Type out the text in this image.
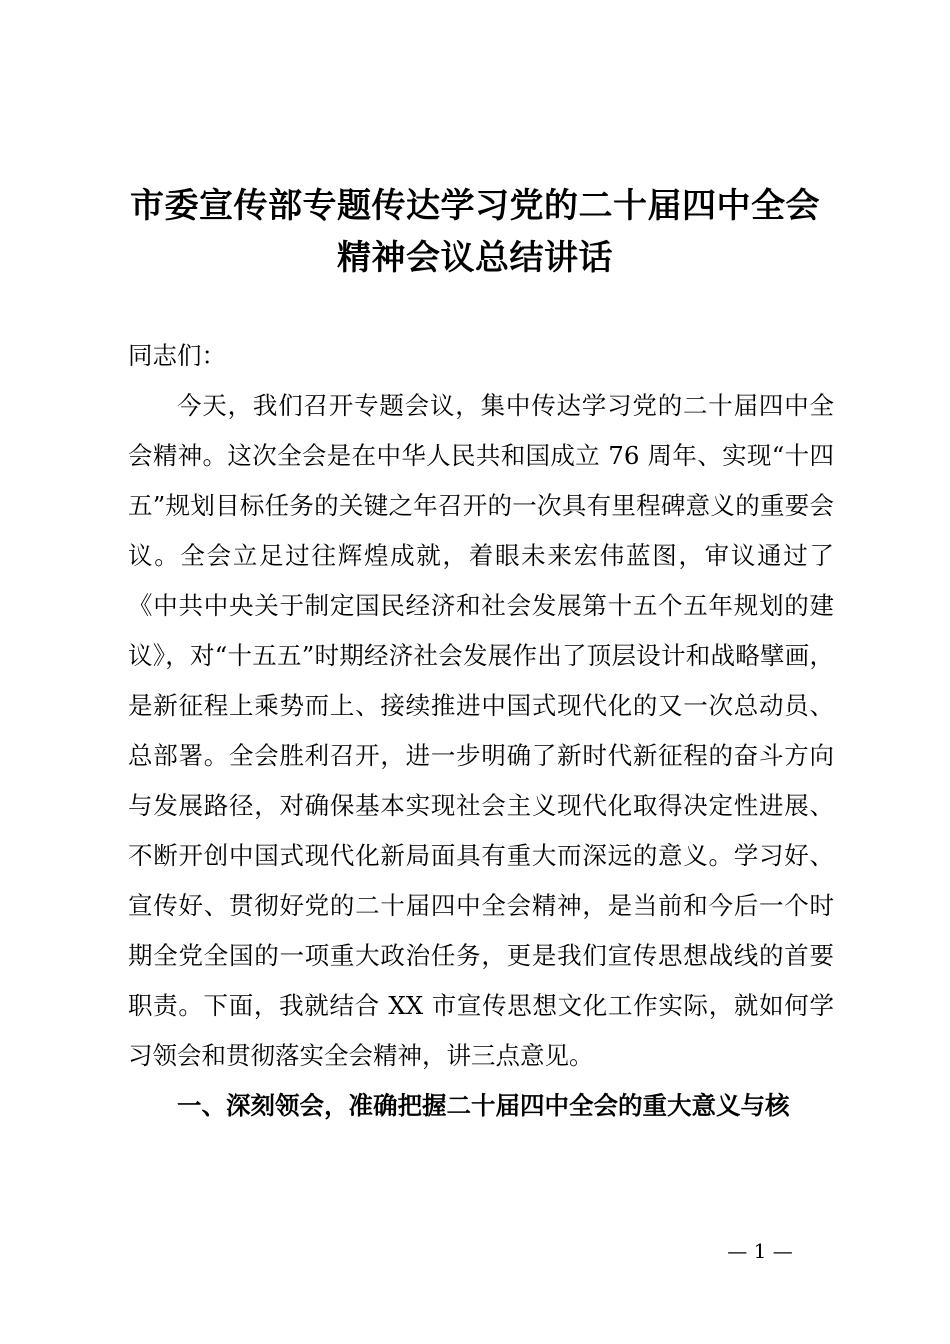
市委宣传部专题传达学习党的二十届四中全会
精神会议总结讲话

同志们：

今天，我们召开专题会议，集中传达学习党的二十届四中全会精神。这次全会是在中华人民共和国成立 76 周年、实现“十四五”规划目标任务的关键之年召开的一次具有里程碑意义的重要会议。全会立足过往辉煌成就，着眼未来宏伟蓝图，审议通过了《中共中央关于制定国民经济和社会发展第十五个五年规划的建议》，对“十五五”时期经济社会发展作出了顶层设计和战略擘画，是新征程上乘势而上、接续推进中国式现代化的又一次总动员、总部署。全会胜利召开，进一步明确了新时代新征程的奋斗方向与发展路径，对确保基本实现社会主义现代化取得决定性进展、不断开创中国式现代化新局面具有重大而深远的意义。学习好、宣传好、贯彻好党的二十届四中全会精神，是当前和今后一个时期全党全国的一项重大政治任务，更是我们宣传思想战线的首要职责。下面，我就结合 XX 市宣传思想文化工作实际，就如何学习领会和贯彻落实全会精神，讲三点意见。

一、深刻领会，准确把握二十届四中全会的重大意义与核

— 1 —
